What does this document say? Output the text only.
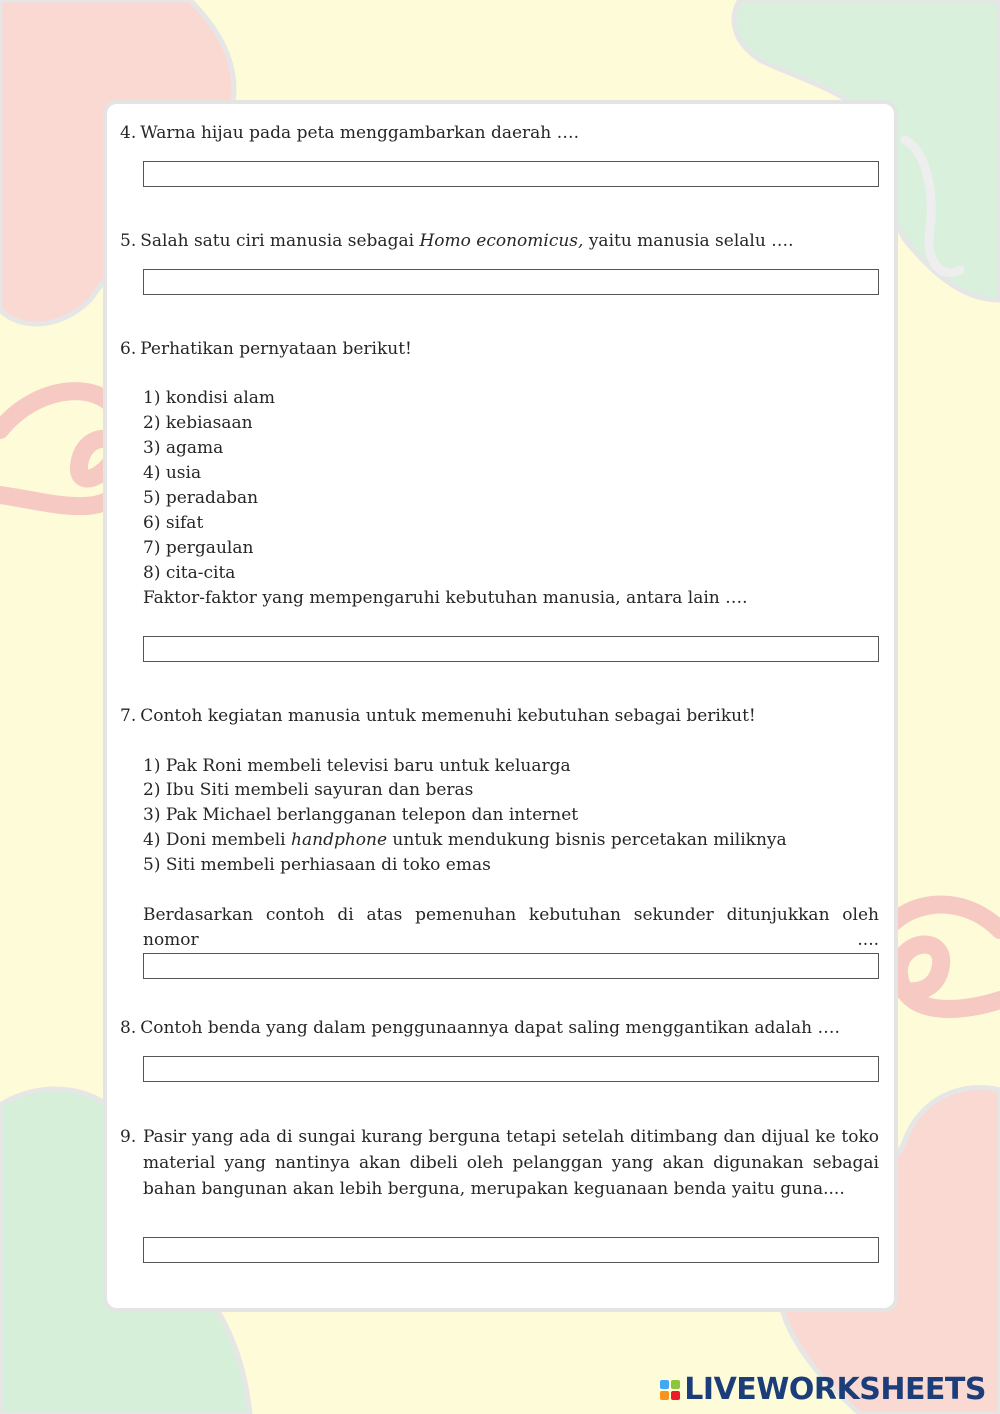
4. Warna hijau pada peta menggambarkan daerah ….

5. Salah satu ciri manusia sebagai Homo economicus, yaitu manusia selalu ….

6. Perhatikan pernyataan berikut!

1) kondisi alam

2) kebiasaan

3) agama

4) usia

5) peradaban

6) sifat

7) pergaulan

8) cita-cita

Faktor-faktor yang mempengaruhi kebutuhan manusia, antara lain ….

7. Contoh kegiatan manusia untuk memenuhi kebutuhan sebagai berikut!

1) Pak Roni membeli televisi baru untuk keluarga

2) Ibu Siti membeli sayuran dan beras

3) Pak Michael berlangganan telepon dan internet

4) Doni membeli handphone untuk mendukung bisnis percetakan miliknya

5) Siti membeli perhiasaan di toko emas

Berdasarkan contoh di atas pemenuhan kebutuhan sekunder ditunjukkan oleh nomor ....

8. Contoh benda yang dalam penggunaannya dapat saling menggantikan adalah ….

9. Pasir yang ada di sungai kurang berguna tetapi setelah ditimbang dan dijual ke toko material yang nantinya akan dibeli oleh pelanggan yang akan digunakan sebagai bahan bangunan akan lebih berguna, merupakan keguanaan benda yaitu guna....

LIVEWORKSHEETS
